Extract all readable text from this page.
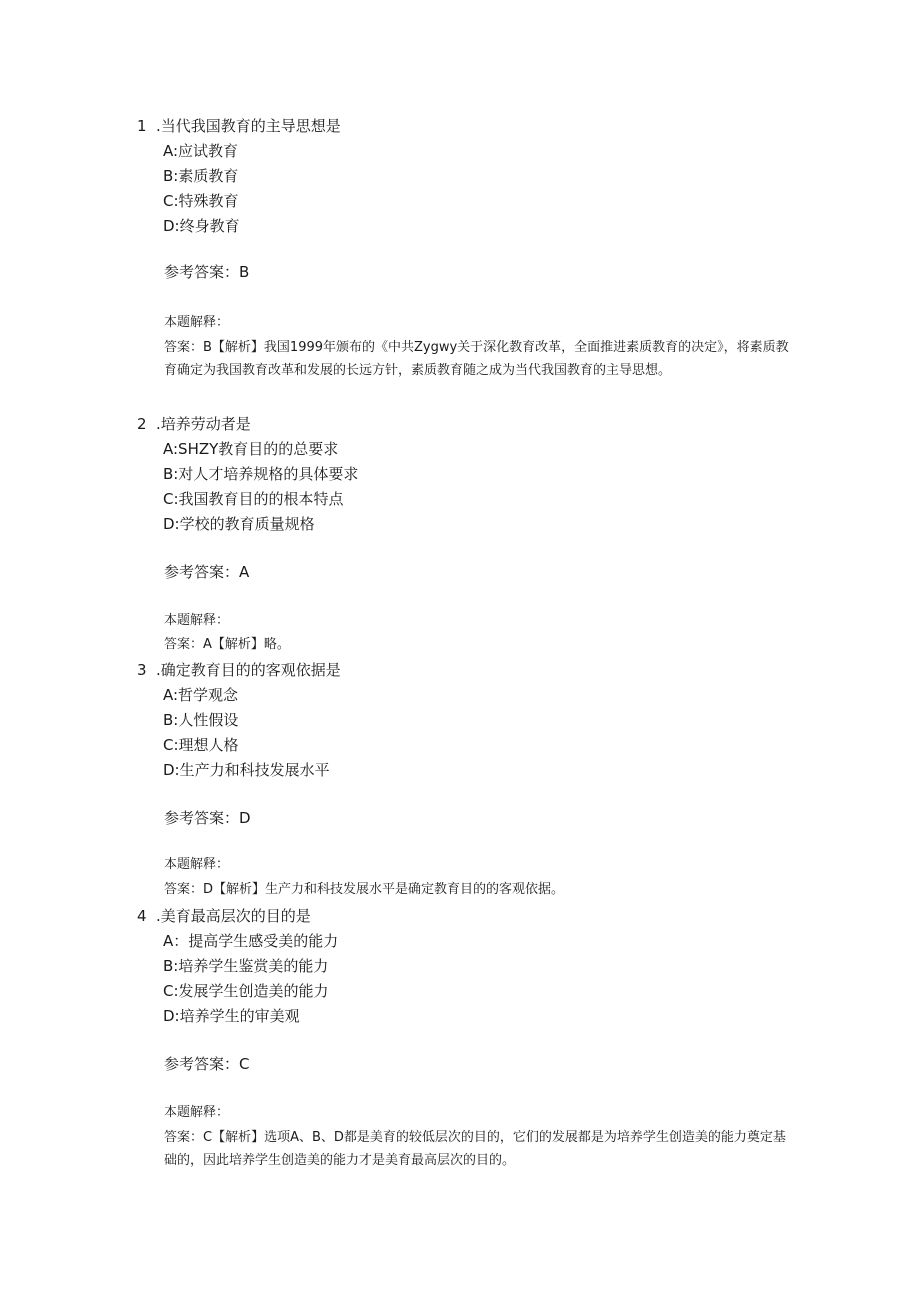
1 .当代我国教育的主导思想是
A:应试教育
B:素质教育
C:特殊教育
D:终身教育
参考答案：B
本题解释：
答案：B【解析】我国1999年颁布的《中共Zygwy关于深化教育改革，全面推进素质教育的决定》，将素质教育确定为我国教育改革和发展的长远方针，素质教育随之成为当代我国教育的主导思想。
2 .培养劳动者是
A:SHZY教育目的的总要求
B:对人才培养规格的具体要求
C:我国教育目的的根本特点
D:学校的教育质量规格
参考答案：A
本题解释：
答案：A【解析】略。
3 .确定教育目的的客观依据是
A:哲学观念
B:人性假设
C:理想人格
D:生产力和科技发展水平
参考答案：D
本题解释：
答案：D【解析】生产力和科技发展水平是确定教育目的的客观依据。
4 .美育最高层次的目的是
A：提高学生感受美的能力
B:培养学生鉴赏美的能力
C:发展学生创造美的能力
D:培养学生的审美观
参考答案：C
本题解释：
答案：C【解析】选项A、B、D都是美育的较低层次的目的，它们的发展都是为培养学生创造美的能力奠定基础的，因此培养学生创造美的能力才是美育最高层次的目的。
